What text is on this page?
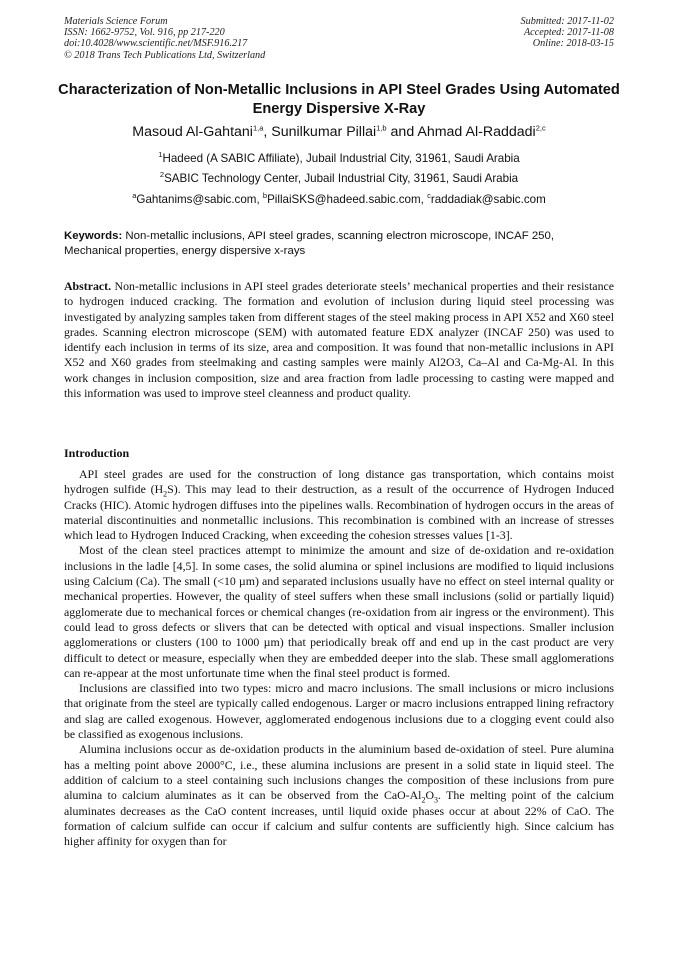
Materials Science Forum
ISSN: 1662-9752, Vol. 916, pp 217-220
doi:10.4028/www.scientific.net/MSF.916.217
© 2018 Trans Tech Publications Ltd, Switzerland
Submitted: 2017-11-02
Accepted: 2017-11-08
Online: 2018-03-15
Characterization of Non-Metallic Inclusions in API Steel Grades Using Automated Energy Dispersive X-Ray
Masoud Al-Gahtani$^{1,a}$, Sunilkumar Pillai$^{1,b}$ and Ahmad Al-Raddadi$^{2,c}$
$^1$Hadeed (A SABIC Affiliate), Jubail Industrial City, 31961, Saudi Arabia
$^2$SABIC Technology Center, Jubail Industrial City, 31961, Saudi Arabia
$^a$Gahtanims@sabic.com, $^b$PillaiSKS@hadeed.sabic.com, $^c$raddadiak@sabic.com
Keywords: Non-metallic inclusions, API steel grades, scanning electron microscope, INCAF 250, Mechanical properties, energy dispersive x-rays
Abstract. Non-metallic inclusions in API steel grades deteriorate steels’ mechanical properties and their resistance to hydrogen induced cracking. The formation and evolution of inclusion during liquid steel processing was investigated by analyzing samples taken from different stages of the steel making process in API X52 and X60 steel grades. Scanning electron microscope (SEM) with automated feature EDX analyzer (INCAF 250) was used to identify each inclusion in terms of its size, area and composition. It was found that non-metallic inclusions in API X52 and X60 grades from steelmaking and casting samples were mainly Al2O3, Ca–Al and Ca-Mg-Al. In this work changes in inclusion composition, size and area fraction from ladle processing to casting were mapped and this information was used to improve steel cleanness and product quality.
Introduction

API steel grades are used for the construction of long distance gas transportation, which contains moist hydrogen sulfide $(H_2S)$. This may lead to their destruction, as a result of the occurrence of Hydrogen Induced Cracks (HIC). Atomic hydrogen diffuses into the pipelines walls. Recombination of hydrogen occurs in the areas of material discontinuities and nonmetallic inclusions. This recombination is combined with an increase of stresses which lead to Hydrogen Induced Cracking, when exceeding the cohesion stresses values [1-3].

Most of the clean steel practices attempt to minimize the amount and size of de-oxidation and re-oxidation inclusions in the ladle [4,5]. In some cases, the solid alumina or spinel inclusions are modified to liquid inclusions using Calcium (Ca). The small (<10 µm) and separated inclusions usually have no effect on steel internal quality or mechanical properties. However, the quality of steel suffers when these small inclusions (solid or partially liquid) agglomerate due to mechanical forces or chemical changes (re-oxidation from air ingress or the environment). This could lead to gross defects or slivers that can be detected with optical and visual inspections. Smaller inclusion agglomerations or clusters (100 to 1000 µm) that periodically break off and end up in the cast product are very difficult to detect or measure, especially when they are embedded deeper into the slab. These small agglomerations can re-appear at the most unfortunate time when the final steel product is formed.

Inclusions are classified into two types: micro and macro inclusions. The small inclusions or micro inclusions that originate from the steel are typically called endogenous. Larger or macro inclusions entrapped lining refractory and slag are called exogenous. However, agglomerated endogenous inclusions due to a clogging event could also be classified as exogenous inclusions.

Alumina inclusions occur as de-oxidation products in the aluminium based de-oxidation of steel. Pure alumina has a melting point above 2000°C, i.e., these alumina inclusions are present in a solid state in liquid steel. The addition of calcium to a steel containing such inclusions changes the composition of these inclusions from pure alumina to calcium aluminates as it can be observed from the CaO-$Al_2O_3$. The melting point of the calcium aluminates decreases as the CaO content increases, until liquid oxide phases occur at about 22% of CaO. The formation of calcium sulfide can occur if calcium and sulfur contents are sufficiently high. Since calcium has higher affinity for oxygen than for
